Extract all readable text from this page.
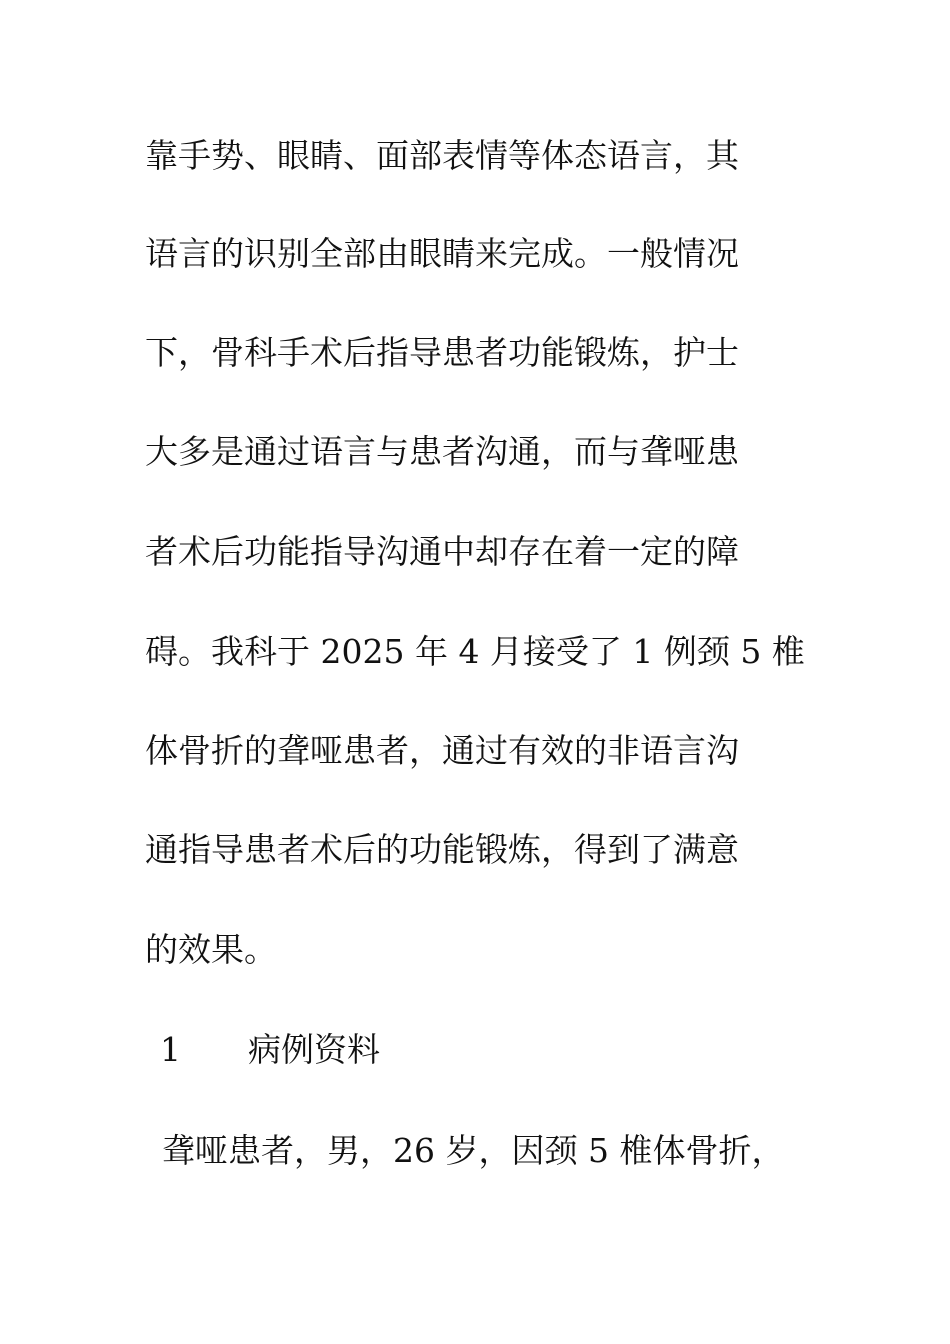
靠手势、眼睛、面部表情等体态语言，其
语言的识别全部由眼睛来完成。一般情况
下，骨科手术后指导患者功能锻炼，护士
大多是通过语言与患者沟通，而与聋哑患
者术后功能指导沟通中却存在着一定的障
碍。我科于 2025 年 4 月接受了 1 例颈 5 椎
体骨折的聋哑患者，通过有效的非语言沟
通指导患者术后的功能锻炼，得到了满意
的效果。
1 病例资料
聋哑患者，男，26 岁，因颈 5 椎体骨折，
